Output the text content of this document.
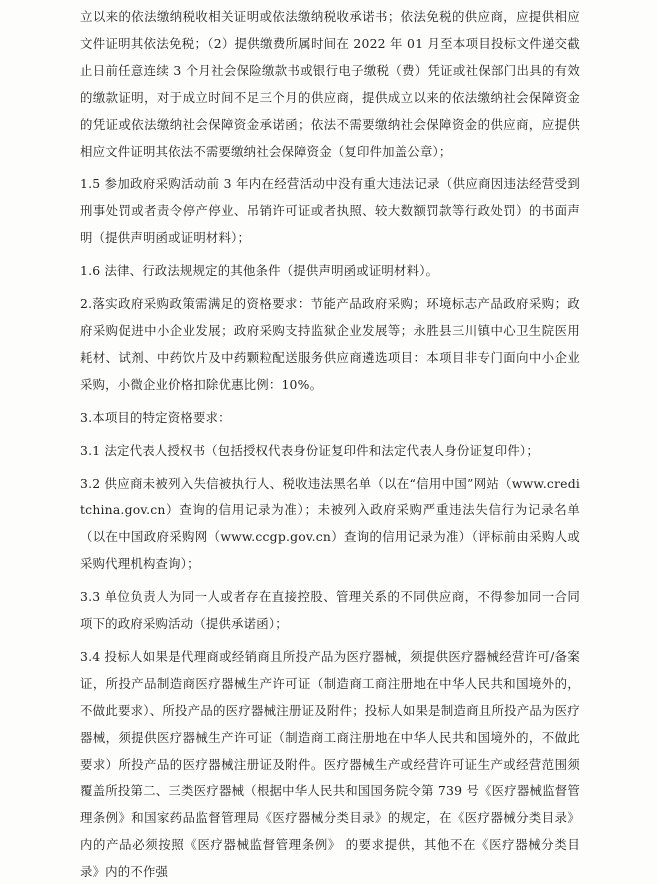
立以来的依法缴纳税收相关证明或依法缴纳税收承诺书；依法免税的供应商，应提供相应文件证明其依法免税；（2）提供缴费所属时间在 2022 年 01 月至本项目投标文件递交截止日前任意连续 3 个月社会保险缴款书或银行电子缴税（费）凭证或社保部门出具的有效的缴款证明，对于成立时间不足三个月的供应商，提供成立以来的依法缴纳社会保障资金的凭证或依法缴纳社会保障资金承诺函；依法不需要缴纳社会保障资金的供应商，应提供相应文件证明其依法不需要缴纳社会保障资金（复印件加盖公章）；

1.5 参加政府采购活动前 3 年内在经营活动中没有重大违法记录（供应商因违法经营受到刑事处罚或者责令停产停业、吊销许可证或者执照、较大数额罚款等行政处罚）的书面声明（提供声明函或证明材料）；

1.6 法律、行政法规规定的其他条件（提供声明函或证明材料）。

2.落实政府采购政策需满足的资格要求：节能产品政府采购；环境标志产品政府采购；政府采购促进中小企业发展；政府采购支持监狱企业发展等；永胜县三川镇中心卫生院医用耗材、试剂、中药饮片及中药颗粒配送服务供应商遴选项目：本项目非专门面向中小企业采购，小微企业价格扣除优惠比例：10%。

3.本项目的特定资格要求：

3.1 法定代表人授权书（包括授权代表身份证复印件和法定代表人身份证复印件）；

3.2 供应商未被列入失信被执行人、税收违法黑名单（以在“信用中国”网站（www.creditchina.gov.cn）查询的信用记录为准）；未被列入政府采购严重违法失信行为记录名单（以在中国政府采购网（www.ccgp.gov.cn）查询的信用记录为准）（评标前由采购人或采购代理机构查询）；

3.3 单位负责人为同一人或者存在直接控股、管理关系的不同供应商，不得参加同一合同项下的政府采购活动（提供承诺函）；

3.4 投标人如果是代理商或经销商且所投产品为医疗器械，须提供医疗器械经营许可/备案证，所投产品制造商医疗器械生产许可证（制造商工商注册地在中华人民共和国境外的，不做此要求）、所投产品的医疗器械注册证及附件；投标人如果是制造商且所投产品为医疗器械，须提供医疗器械生产许可证（制造商工商注册地在中华人民共和国境外的，不做此要求）所投产品的医疗器械注册证及附件。医疗器械生产或经营许可证生产或经营范围须覆盖所投第二、三类医疗器械（根据中华人民共和国国务院令第 739 号《医疗器械监督管理条例》和国家药品监督管理局《医疗器械分类目录》的规定，在《医疗器械分类目录》内的产品必须按照《医疗器械监督管理条例》 的要求提供，其他不在《医疗器械分类目录》内的不作强
